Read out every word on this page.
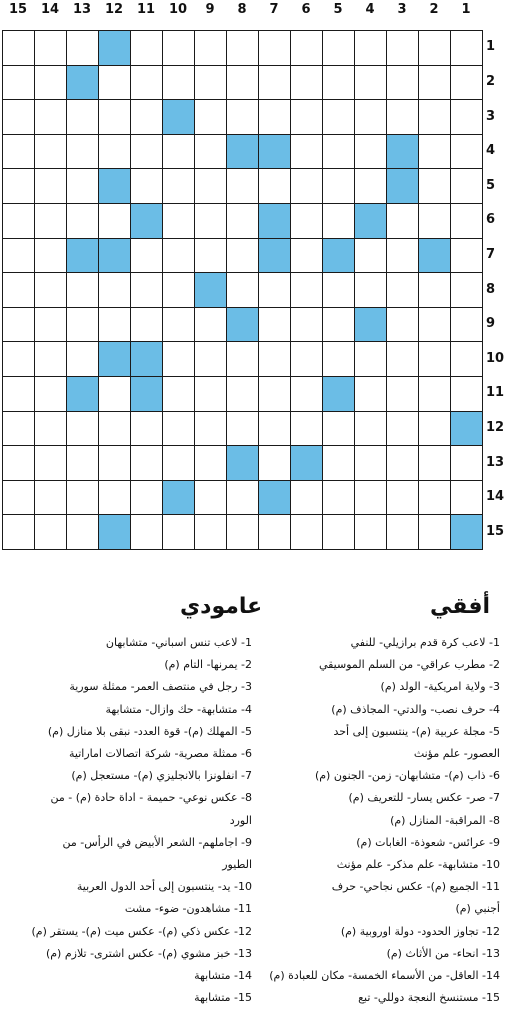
15	14	13	12	11	10	9	8	7	6	5	4	3	2	1
1
2
3
4
5
6
7
8
9
10
11
12
13
14
15
أفقي
عامودي
1- لاعب كرة قدم برازيلي- للنفي
2- مطرب عراقي- من السلم الموسيقي
3- ولاية امريكية- الولد (م)
4- حرف نصب- والدتي- المجاذف (م)
5- مجلة عربية (م)- ينتسبون إلى أحد
العصور- علم مؤنث
6- ذاب (م)- متشابهان- زمن- الجنون (م)
7- صر- عكس يسار- للتعريف (م)
8- المراقبة- المنازل (م)
9- عرائس- شعوذة- الغابات (م)
10- متشابهة- علم مذكر- علم مؤنث
11- الجميع (م)- عكس نجاحي- حرف
أجنبي (م)
12- تجاوز الحدود- دولة اوروبية (م)
13- انحاء- من الأثاث (م)
14- العاقل- من الأسماء الخمسة- مكان للعبادة (م)
15- مستنسخ النعجة دوللي- تبع
1- لاعب تنس اسباني- متشابهان
2- يمرنها- التام (م)
3- رجل في منتصف العمر- ممثلة سورية
4- متشابهة- حك وازال- متشابهة
5- المهلك (م)- قوة العدد- نبقى بلا منازل (م)
6- ممثلة مصرية- شركة اتصالات اماراتية
7- انفلونزا بالانجليزي (م)- مستعجل (م)
8- عكس نوعي- حميمة - اداة حادة (م) - من
الورد
9- اجاملهم- الشعر الأبيض في الرأس- من
الطيور
10- يد- ينتسبون إلى أحد الدول العربية
11- مشاهدون- ضوء- مشت
12- عكس ذكي (م)- عكس ميت (م)- يستقر (م)
13- خبز مشوي (م)- عكس اشترى- تلازم (م)
14- متشابهة
15- متشابهة
